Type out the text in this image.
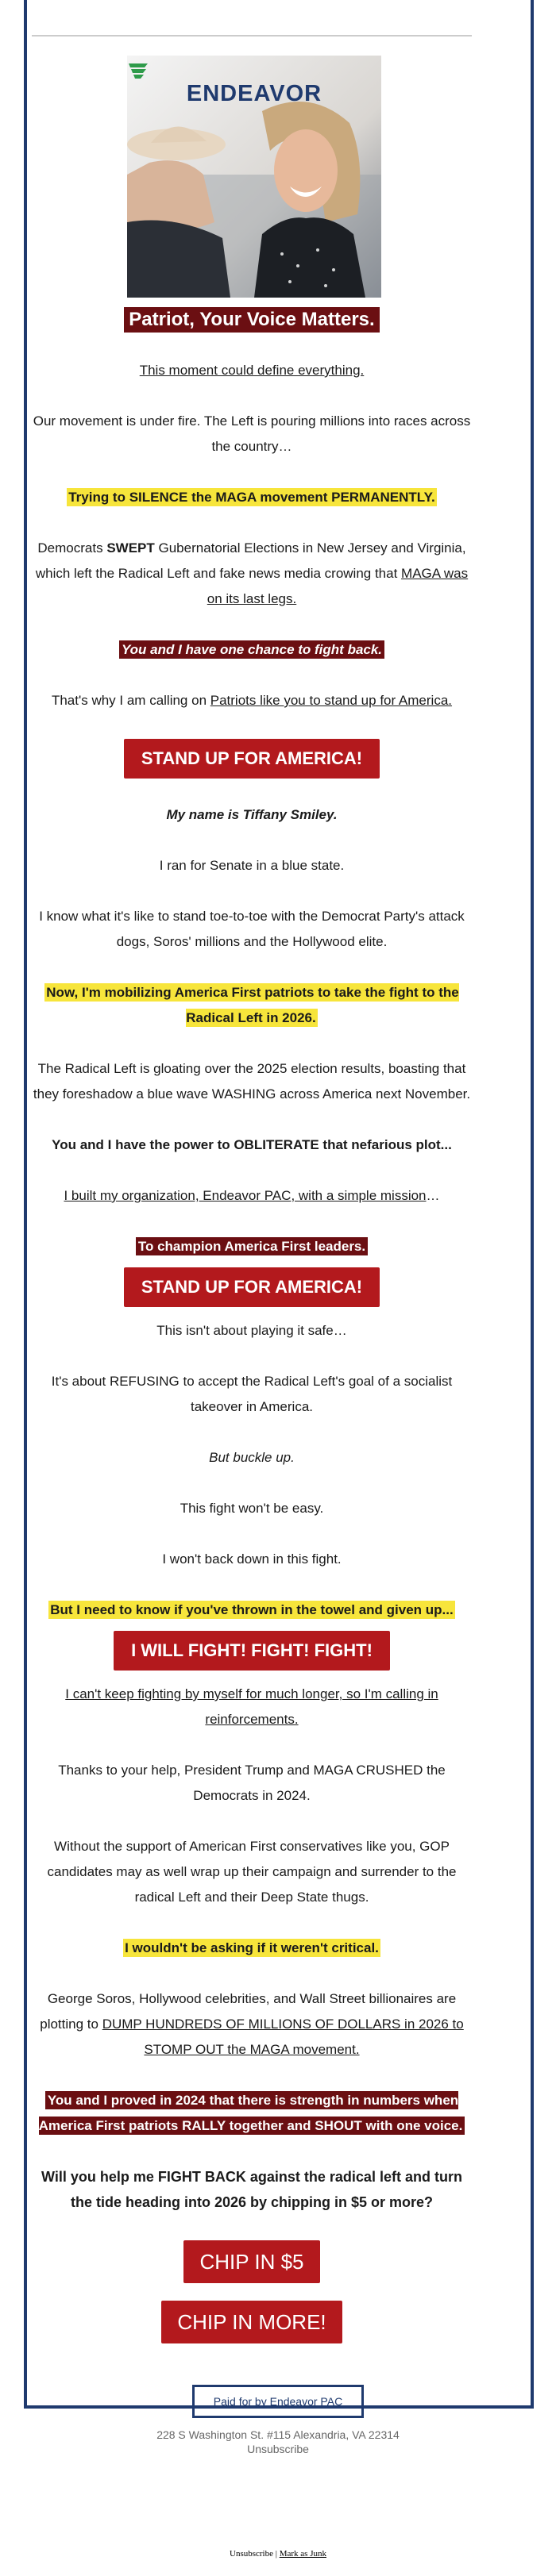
ENDEAVOR
Patriot, Your Voice Matters.

This moment could define everything.

Our movement is under fire. The Left is pouring millions into races across the country…

Trying to SILENCE the MAGA movement PERMANENTLY.

Democrats SWEPT Gubernatorial Elections in New Jersey and Virginia, which left the Radical Left and fake news media crowing that MAGA was on its last legs.

You and I have one chance to fight back.

That's why I am calling on Patriots like you to stand up for America.

STAND UP FOR AMERICA!

My name is Tiffany Smiley.

I ran for Senate in a blue state.

I know what it's like to stand toe-to-toe with the Democrat Party's attack dogs, Soros' millions and the Hollywood elite.

Now, I'm mobilizing America First patriots to take the fight to the Radical Left in 2026.

The Radical Left is gloating over the 2025 election results, boasting that they foreshadow a blue wave WASHING across America next November.

You and I have the power to OBLITERATE that nefarious plot...

I built my organization, Endeavor PAC, with a simple mission…

To champion America First leaders.

STAND UP FOR AMERICA!

This isn't about playing it safe…

It's about REFUSING to accept the Radical Left's goal of a socialist takeover in America.

But buckle up.

This fight won't be easy.

I won't back down in this fight.

But I need to know if you've thrown in the towel and given up...

I WILL FIGHT! FIGHT! FIGHT!

I can't keep fighting by myself for much longer, so I'm calling in reinforcements.

Thanks to your help, President Trump and MAGA CRUSHED the Democrats in 2024.

Without the support of American First conservatives like you, GOP candidates may as well wrap up their campaign and surrender to the radical Left and their Deep State thugs.

I wouldn't be asking if it weren't critical.

George Soros, Hollywood celebrities, and Wall Street billionaires are plotting to DUMP HUNDREDS OF MILLIONS OF DOLLARS in 2026 to STOMP OUT the MAGA movement.

You and I proved in 2024 that there is strength in numbers when America First patriots RALLY together and SHOUT with one voice.

Will you help me FIGHT BACK against the radical left and turn the tide heading into 2026 by chipping in $5 or more?

CHIP IN $5
CHIP IN MORE!
Paid for by Endeavor PAC
228 S Washington St. #115 Alexandria, VA 22314
Unsubscribe
Unsubscribe | Mark as Junk
